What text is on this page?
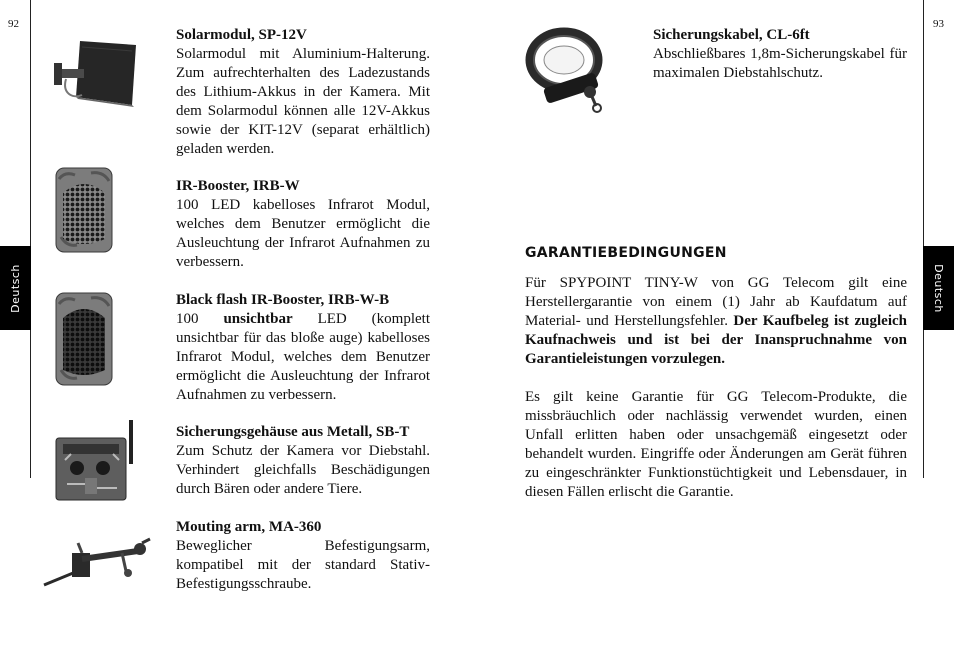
92	93
Deutsch	Deutsch
Solarmodul, SP-12V
Solarmodul mit Aluminium-Halterung. Zum aufrechterhalten des Ladezustands des Lithium-Akkus in der Kamera. Mit dem Solarmodul können alle 12V-Akkus sowie der KIT-12V (separat erhältlich) geladen werden.
IR-Booster, IRB-W
100 LED kabelloses Infrarot Modul, welches dem Benutzer ermöglicht die Ausleuchtung der Infrarot Aufnahmen zu verbessern.
Black flash IR-Booster, IRB-W-B
100 unsichtbar LED (komplett unsichtbar für das bloße auge) kabelloses Infrarot Modul, welches dem Benutzer ermöglicht die Ausleuchtung der Infrarot Aufnahmen zu verbessern.
Sicherungsgehäuse aus Metall, SB-T
Zum Schutz der Kamera vor Diebstahl. Verhindert gleichfalls Beschädigungen durch Bären oder andere Tiere.
Mouting arm, MA-360
Beweglicher Befestigungsarm, kompatibel mit der standard Stativ-Befestigungsschraube.
Sicherungskabel, CL-6ft
Abschließbares 1,8m-Sicherungskabel für maximalen Diebstahlschutz.
GARANTIEBEDINGUNGEN
Für SPYPOINT TINY-W von GG Telecom gilt eine Herstellergarantie von einem (1) Jahr ab Kaufdatum auf Material- und Herstellungsfehler. Der Kaufbeleg ist zugleich Kaufnachweis und ist bei der Inanspruchnahme von Garantieleistungen vorzulegen.
Es gilt keine Garantie für GG Telecom-Produkte, die missbräuchlich oder nachlässig verwendet wurden, einen Unfall erlitten haben oder unsachgemäß eingesetzt oder behandelt wurden. Eingriffe oder Änderungen am Gerät führen zu eingeschränkter Funktionstüchtigkeit und Lebensdauer, in diesen Fällen erlischt die Garantie.
